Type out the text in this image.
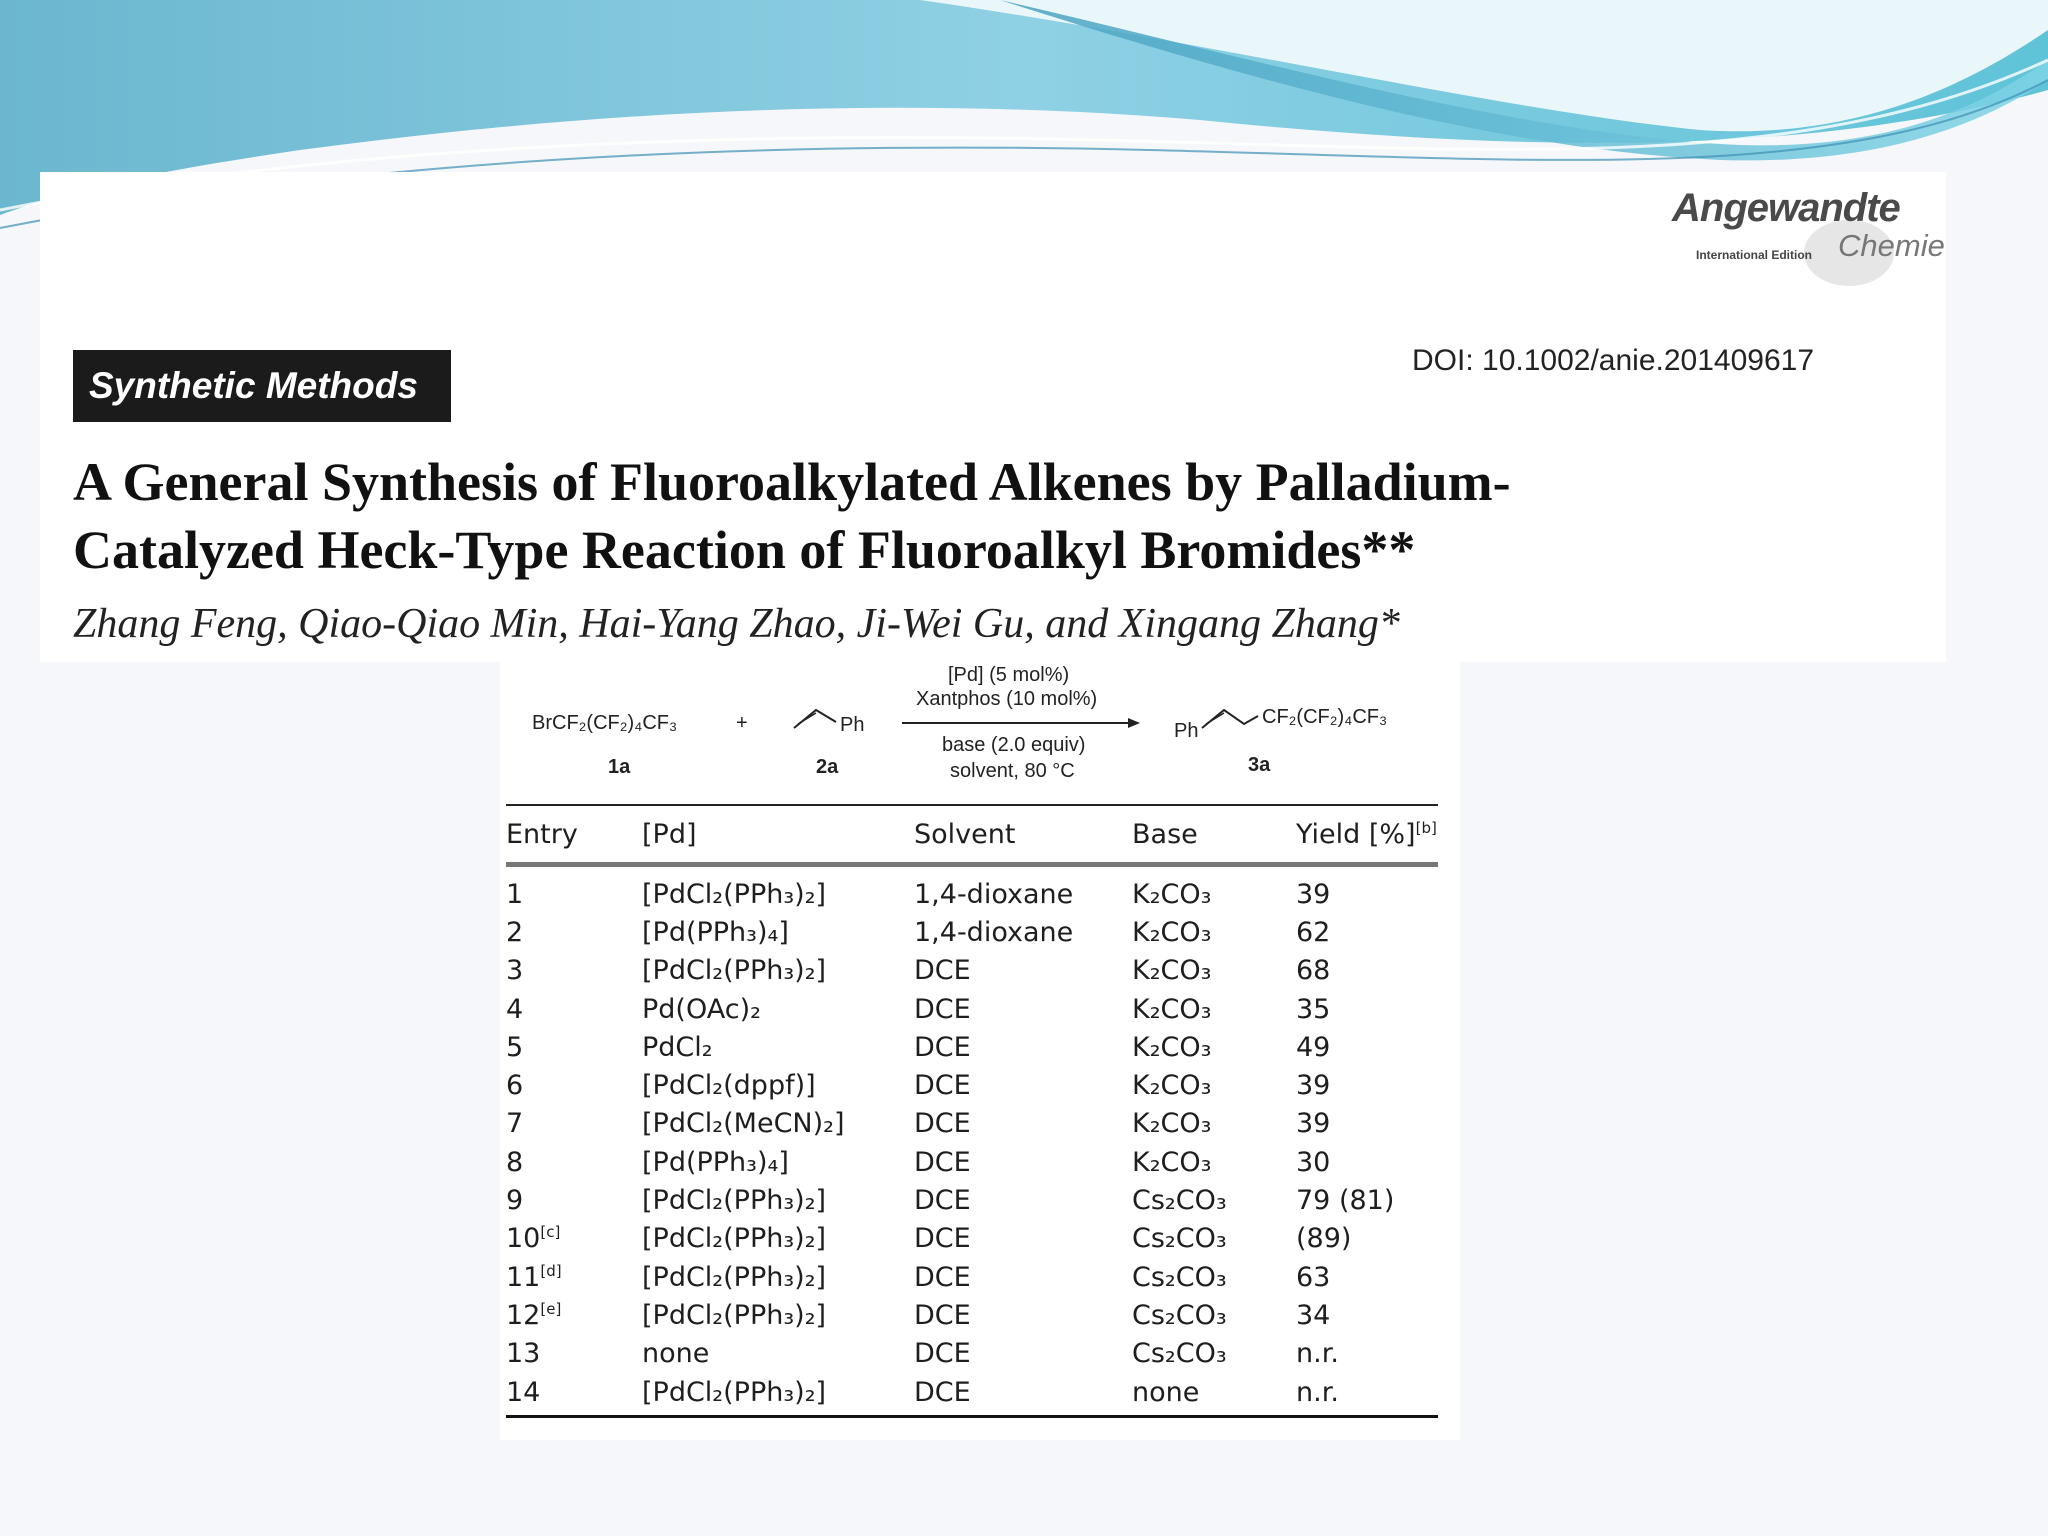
Angewandte
International Edition Chemie
DOI: 10.1002/anie.201409617
Synthetic Methods
A General Synthesis of Fluoroalkylated Alkenes by Palladium-Catalyzed Heck-Type Reaction of Fluoroalkyl Bromides**
Zhang Feng, Qiao-Qiao Min, Hai-Yang Zhao, Ji-Wei Gu, and Xingang Zhang*
BrCF₂(CF₂)₄CF₃
1a
+	Ph
2a
[Pd] (5 mol%)
Xantphos (10 mol%)
base (2.0 equiv)
solvent, 80 °C
Ph
CF₂(CF₂)₄CF₃
3a
Entry	[Pd]	Solvent	Base	Yield [%][b]
1	[PdCl₂(PPh₃)₂]	1,4-dioxane	K₂CO₃	39
2	[Pd(PPh₃)₄]	1,4-dioxane	K₂CO₃	62
3	[PdCl₂(PPh₃)₂]	DCE	K₂CO₃	68
4	Pd(OAc)₂	DCE	K₂CO₃	35
5	PdCl₂	DCE	K₂CO₃	49
6	[PdCl₂(dppf)]	DCE	K₂CO₃	39
7	[PdCl₂(MeCN)₂]	DCE	K₂CO₃	39
8	[Pd(PPh₃)₄]	DCE	K₂CO₃	30
9	[PdCl₂(PPh₃)₂]	DCE	Cs₂CO₃	79 (81)
10[c]	[PdCl₂(PPh₃)₂]	DCE	Cs₂CO₃	(89)
11[d]	[PdCl₂(PPh₃)₂]	DCE	Cs₂CO₃	63
12[e]	[PdCl₂(PPh₃)₂]	DCE	Cs₂CO₃	34
13	none	DCE	Cs₂CO₃	n.r.
14	[PdCl₂(PPh₃)₂]	DCE	none	n.r.
